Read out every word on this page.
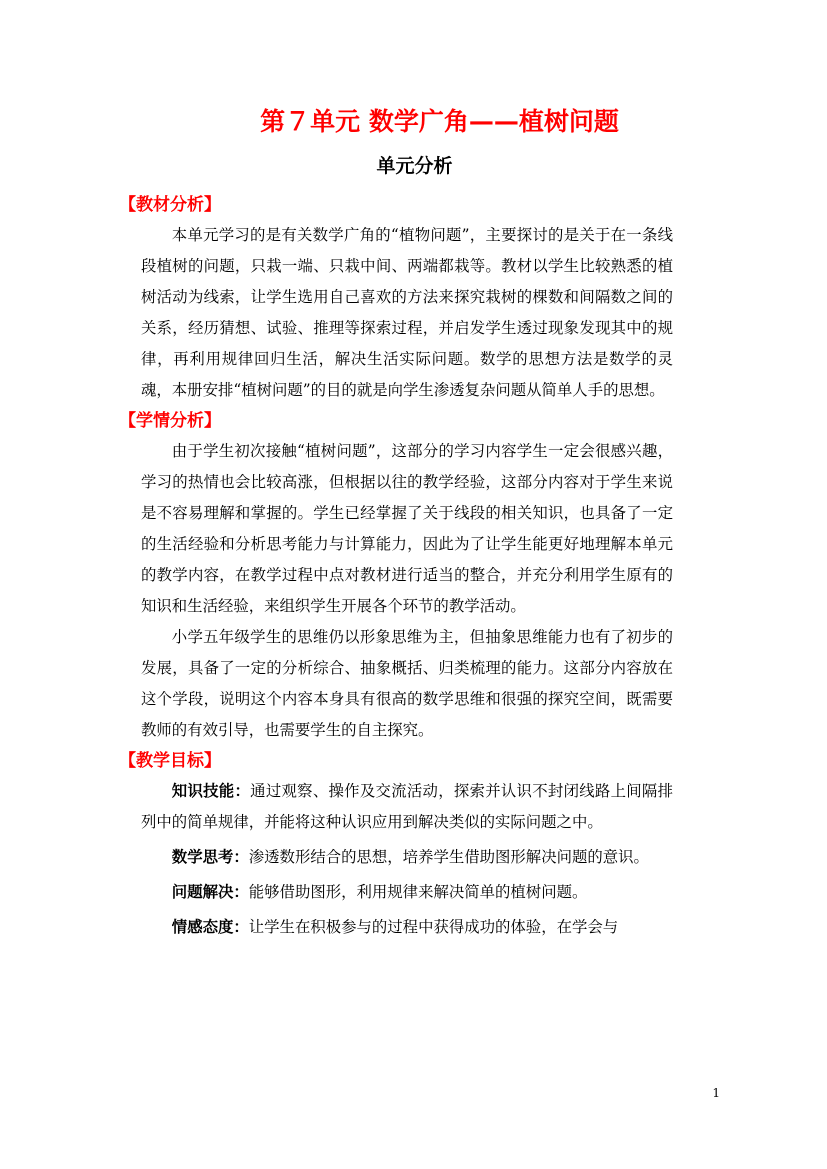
第７单元 数学广角——植树问题
单元分析
【教材分析】

本单元学习的是有关数学广角的“植物问题”，主要探讨的是关于在一条线段植树的问题，只栽一端、只栽中间、两端都栽等。教材以学生比较熟悉的植树活动为线索，让学生选用自己喜欢的方法来探究栽树的棵数和间隔数之间的关系，经历猜想、试验、推理等探索过程，并启发学生透过现象发现其中的规律，再利用规律回归生活，解决生活实际问题。数学的思想方法是数学的灵魂，本册安排“植树问题”的目的就是向学生渗透复杂问题从简单人手的思想。

【学情分析】

由于学生初次接触“植树问题”，这部分的学习内容学生一定会很感兴趣，学习的热情也会比较高涨，但根据以往的教学经验，这部分内容对于学生来说是不容易理解和掌握的。学生已经掌握了关于线段的相关知识，也具备了一定的生活经验和分析思考能力与计算能力，因此为了让学生能更好地理解本单元的教学内容，在教学过程中点对教材进行适当的整合，并充分利用学生原有的知识和生活经验，来组织学生开展各个环节的教学活动。

小学五年级学生的思维仍以形象思维为主，但抽象思维能力也有了初步的发展，具备了一定的分析综合、抽象概括、归类梳理的能力。这部分内容放在这个学段，说明这个内容本身具有很高的数学思维和很强的探究空间，既需要教师的有效引导，也需要学生的自主探究。

【教学目标】

知识技能：通过观察、操作及交流活动，探索并认识不封闭线路上间隔排列中的简单规律，并能将这种认识应用到解决类似的实际问题之中。

数学思考：渗透数形结合的思想，培养学生借助图形解决问题的意识。

问题解决：能够借助图形，利用规律来解决简单的植树问题。

情感态度：让学生在积极参与的过程中获得成功的体验，在学会与

1
